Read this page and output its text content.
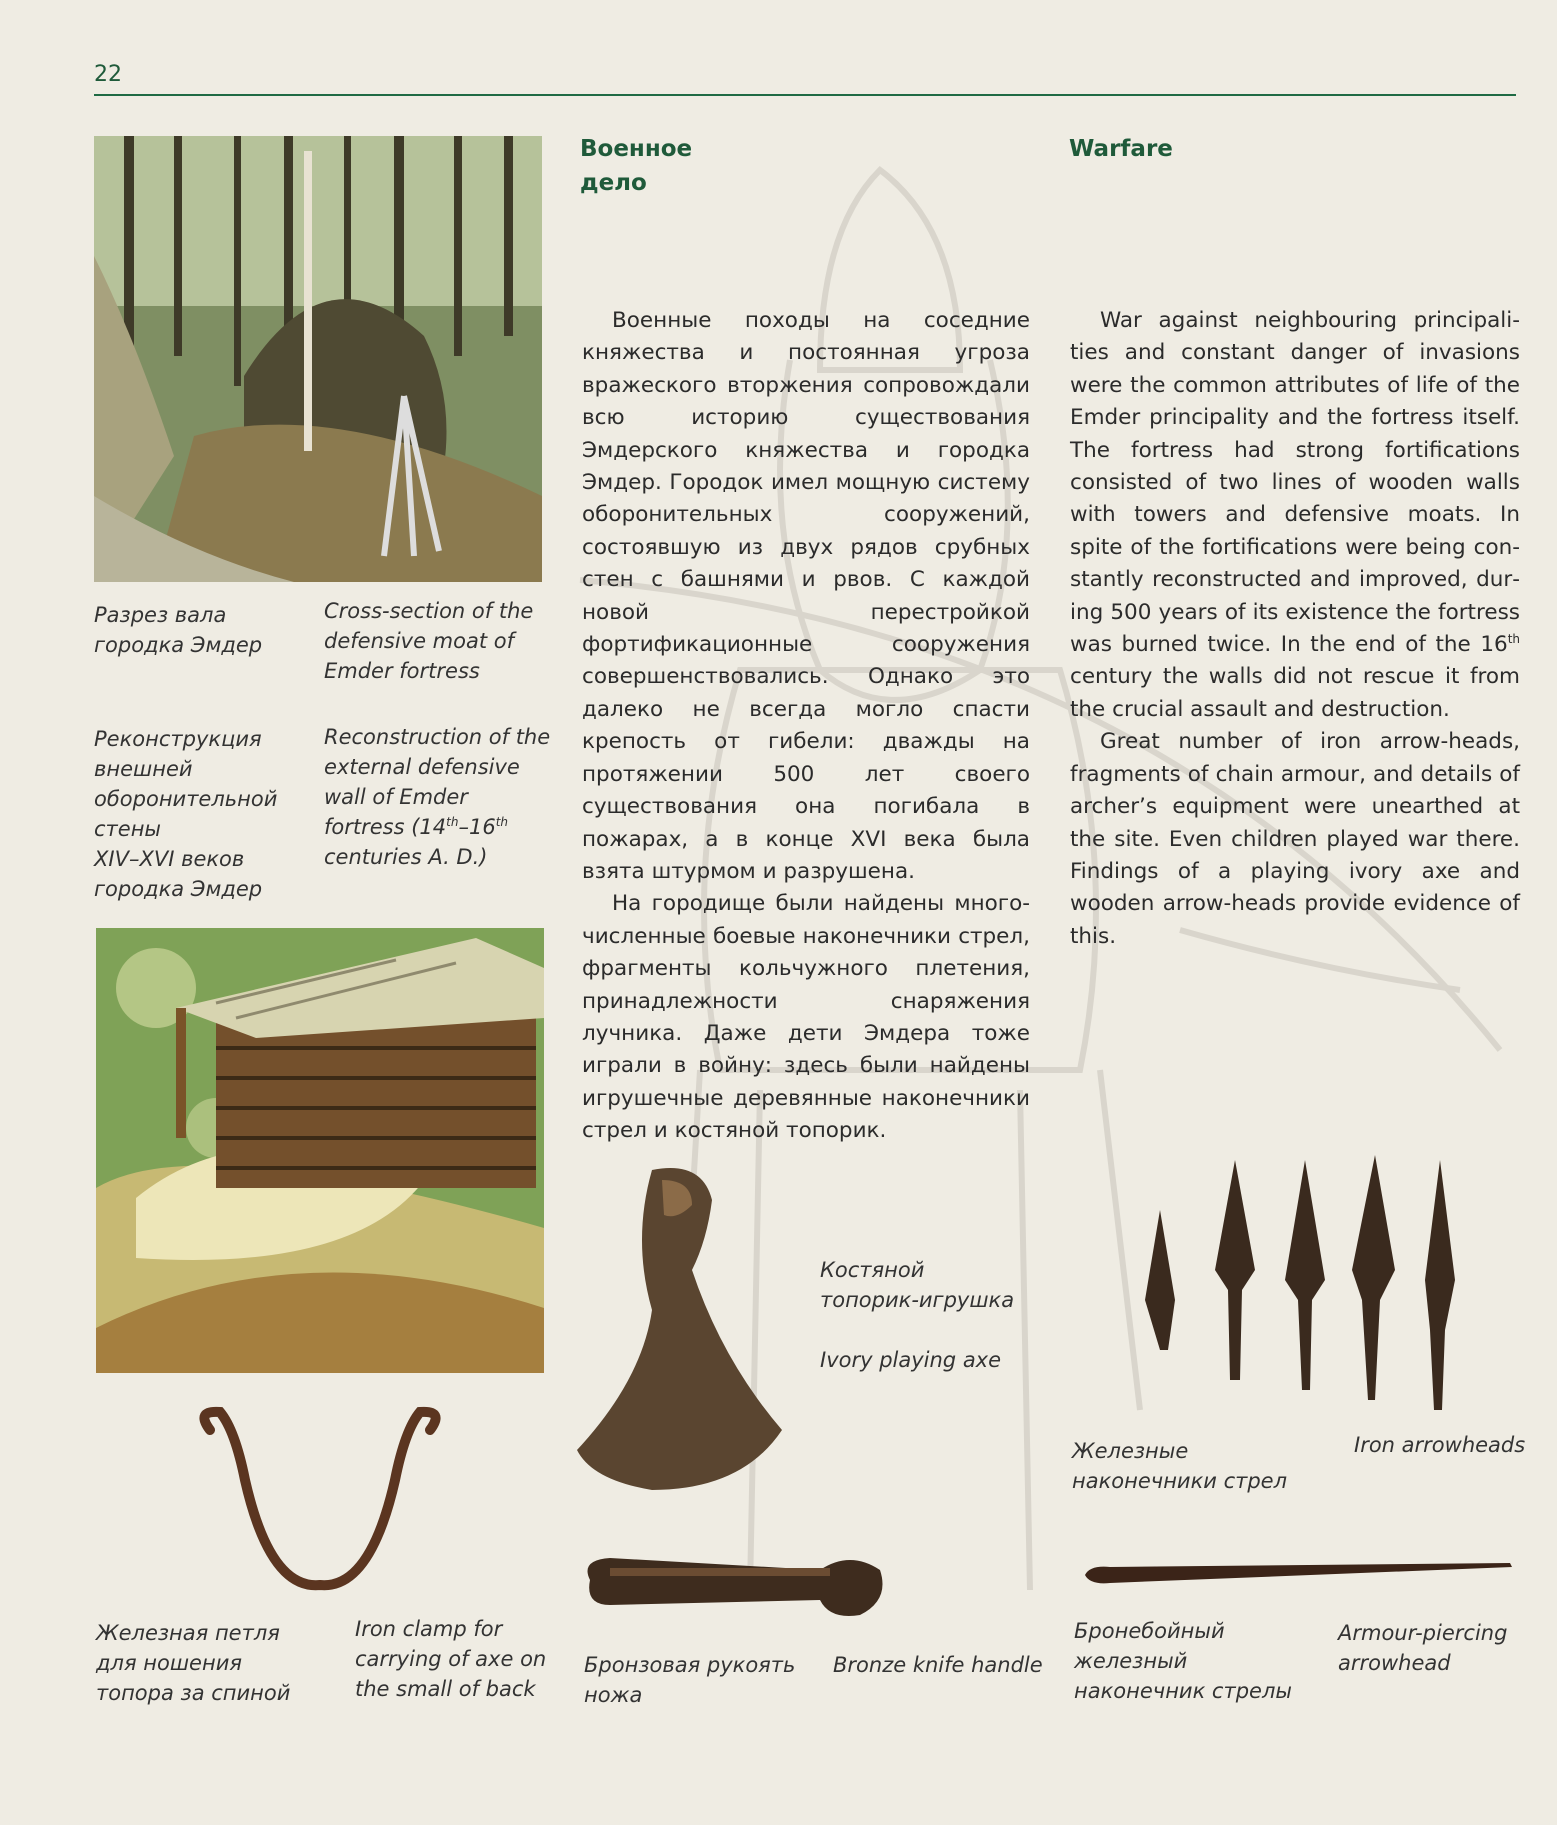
22
Разрез вала
городка Эмдер
Cross-section of the
defensive moat of
Emder fortress
Реконструкция
внешней
оборонительной
стены
XIV–XVI веков
городка Эмдер
Reconstruction of the
external defensive
wall of Emder
fortress (14th–16th
centuries A. D.)
Военное
дело
Warfare

Военные походы на соседние княжества и постоянная угроза вражеского вторжения сопровождали всю историю существования Эмдерского княжества и городка Эмдер. Городок имел мощную систему оборонительных сооружений, состоявшую из двух рядов срубных стен с башнями и рвов. С каждой новой перестройкой фортификационные сооружения совершенствовались. Однако это далеко не всегда могло спасти крепость от гибели: дважды на протяжении 500 лет своего существования она погибала в пожарах, а в конце XVI века была взята штурмом и разрушена.

На городище были найдены многочисленные боевые наконечники стрел, фрагменты кольчужного плетения, принадлежности снаряжения лучника. Даже дети Эмдера тоже играли в войну: здесь были найдены игрушечные деревянные наконечники стрел и костяной топорик.

War against neighbouring principalities and constant danger of invasions were the common attributes of life of the Emder principality and the fortress itself. The fortress had strong fortifications consisted of two lines of wooden walls with towers and defensive moats. In spite of the fortifications were being constantly reconstructed and improved, during 500 years of its existence the fortress was burned twice. In the end of the 16th century the walls did not rescue it from the crucial assault and destruction.

Great number of iron arrow-heads, fragments of chain armour, and details of archer’s equipment were unearthed at the site. Even children played war there. Findings of a playing ivory axe and wooden arrow-heads provide evidence of this.

Железная петля
для ношения
топора за спиной
Iron clamp for
carrying of axe on
the small of back
Костяной
топорик-игрушка
Ivory playing axe
Бронзовая рукоять
ножа
Bronze knife handle
Железные
наконечники стрел
Iron arrowheads
Бронебойный
железный
наконечник стрелы
Armour-piercing
arrowhead
